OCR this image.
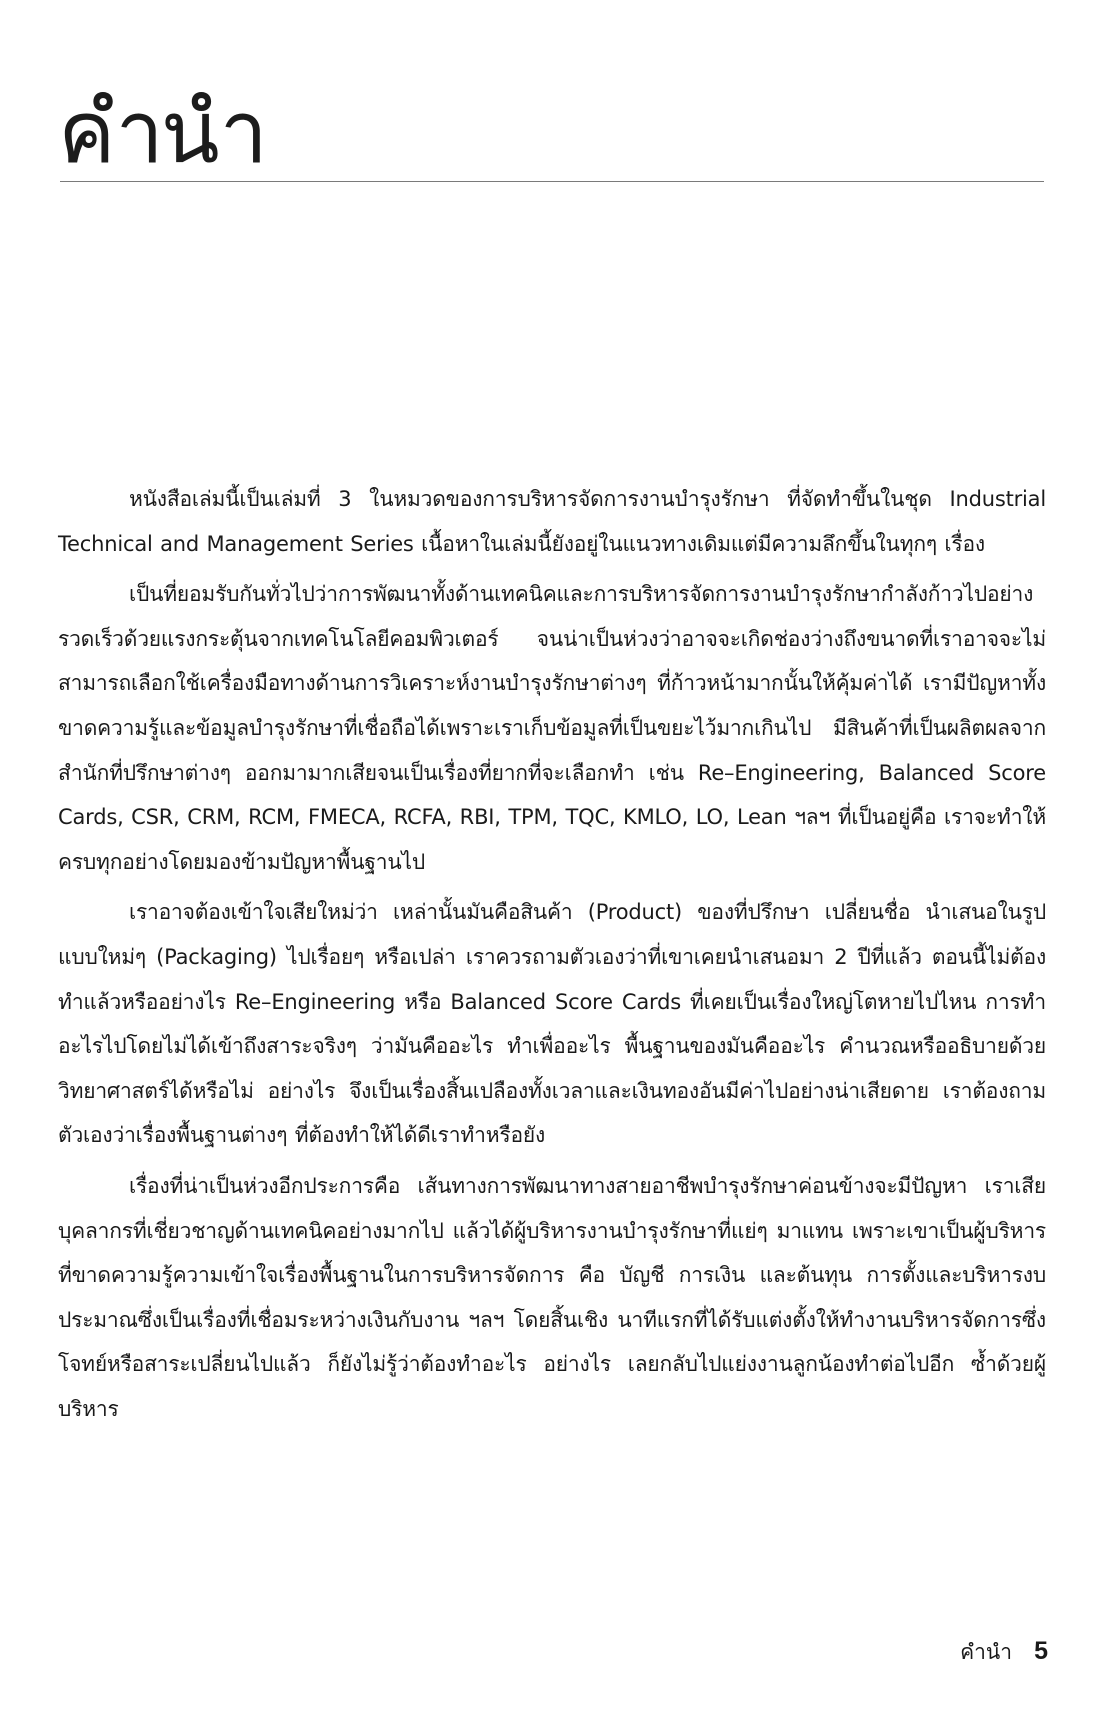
คำนำ

หนังสือเล่มนี้เป็นเล่มที่ 3 ในหมวดของการบริหารจัดการงานบำรุงรักษา ที่จัดทำขึ้นในชุด Industrial Technical and Management Series เนื้อหาในเล่มนี้ยังอยู่ในแนวทางเดิมแต่มีความลึกขึ้นในทุกๆ เรื่อง

เป็นที่ยอมรับกันทั่วไปว่าการพัฒนาทั้งด้านเทคนิคและการบริหารจัดการงานบำรุงรักษากำลังก้าวไปอย่างรวดเร็วด้วยแรงกระตุ้นจากเทคโนโลยีคอมพิวเตอร์ จนน่าเป็นห่วงว่าอาจจะเกิดช่องว่างถึงขนาดที่เราอาจจะไม่สามารถเลือกใช้เครื่องมือทางด้านการวิเคราะห์งานบำรุงรักษาต่างๆ ที่ก้าวหน้ามากนั้นให้คุ้มค่าได้ เรามีปัญหาทั้งขาดความรู้และข้อมูลบำรุงรักษาที่เชื่อถือได้เพราะเราเก็บข้อมูลที่เป็นขยะไว้มากเกินไป มีสินค้าที่เป็นผลิตผลจากสำนักที่ปรึกษาต่างๆ ออกมามากเสียจนเป็นเรื่องที่ยากที่จะเลือกทำ เช่น Re–Engineering, Balanced Score Cards, CSR, CRM, RCM, FMECA, RCFA, RBI, TPM, TQC, KMLO, LO, Lean ฯลฯ ที่เป็นอยู่คือ เราจะทำให้ครบทุกอย่างโดยมองข้ามปัญหาพื้นฐานไป

เราอาจต้องเข้าใจเสียใหม่ว่า เหล่านั้นมันคือสินค้า (Product) ของที่ปรึกษา เปลี่ยนชื่อ นำเสนอในรูปแบบใหม่ๆ (Packaging) ไปเรื่อยๆ หรือเปล่า เราควรถามตัวเองว่าที่เขาเคยนำเสนอมา 2 ปีที่แล้ว ตอนนี้ไม่ต้องทำแล้วหรืออย่างไร Re–Engineering หรือ Balanced Score Cards ที่เคยเป็นเรื่องใหญ่โตหายไปไหน การทำอะไรไปโดยไม่ได้เข้าถึงสาระจริงๆ ว่ามันคืออะไร ทำเพื่ออะไร พื้นฐานของมันคืออะไร คำนวณหรืออธิบายด้วยวิทยาศาสตร์ได้หรือไม่ อย่างไร จึงเป็นเรื่องสิ้นเปลืองทั้งเวลาและเงินทองอันมีค่าไปอย่างน่าเสียดาย เราต้องถามตัวเองว่าเรื่องพื้นฐานต่างๆ ที่ต้องทำให้ได้ดีเราทำหรือยัง

เรื่องที่น่าเป็นห่วงอีกประการคือ เส้นทางการพัฒนาทางสายอาชีพบำรุงรักษาค่อนข้างจะมีปัญหา เราเสียบุคลากรที่เชี่ยวชาญด้านเทคนิคอย่างมากไป แล้วได้ผู้บริหารงานบำรุงรักษาที่แย่ๆ มาแทน เพราะเขาเป็นผู้บริหารที่ขาดความรู้ความเข้าใจเรื่องพื้นฐานในการบริหารจัดการ คือ บัญชี การเงิน และต้นทุน การตั้งและบริหารงบประมาณซึ่งเป็นเรื่องที่เชื่อมระหว่างเงินกับงาน ฯลฯ โดยสิ้นเชิง นาทีแรกที่ได้รับแต่งตั้งให้ทำงานบริหารจัดการซึ่งโจทย์หรือสาระเปลี่ยนไปแล้ว ก็ยังไม่รู้ว่าต้องทำอะไร อย่างไร เลยกลับไปแย่งงานลูกน้องทำต่อไปอีก ซ้ำด้วยผู้บริหาร

คำนำ 5
